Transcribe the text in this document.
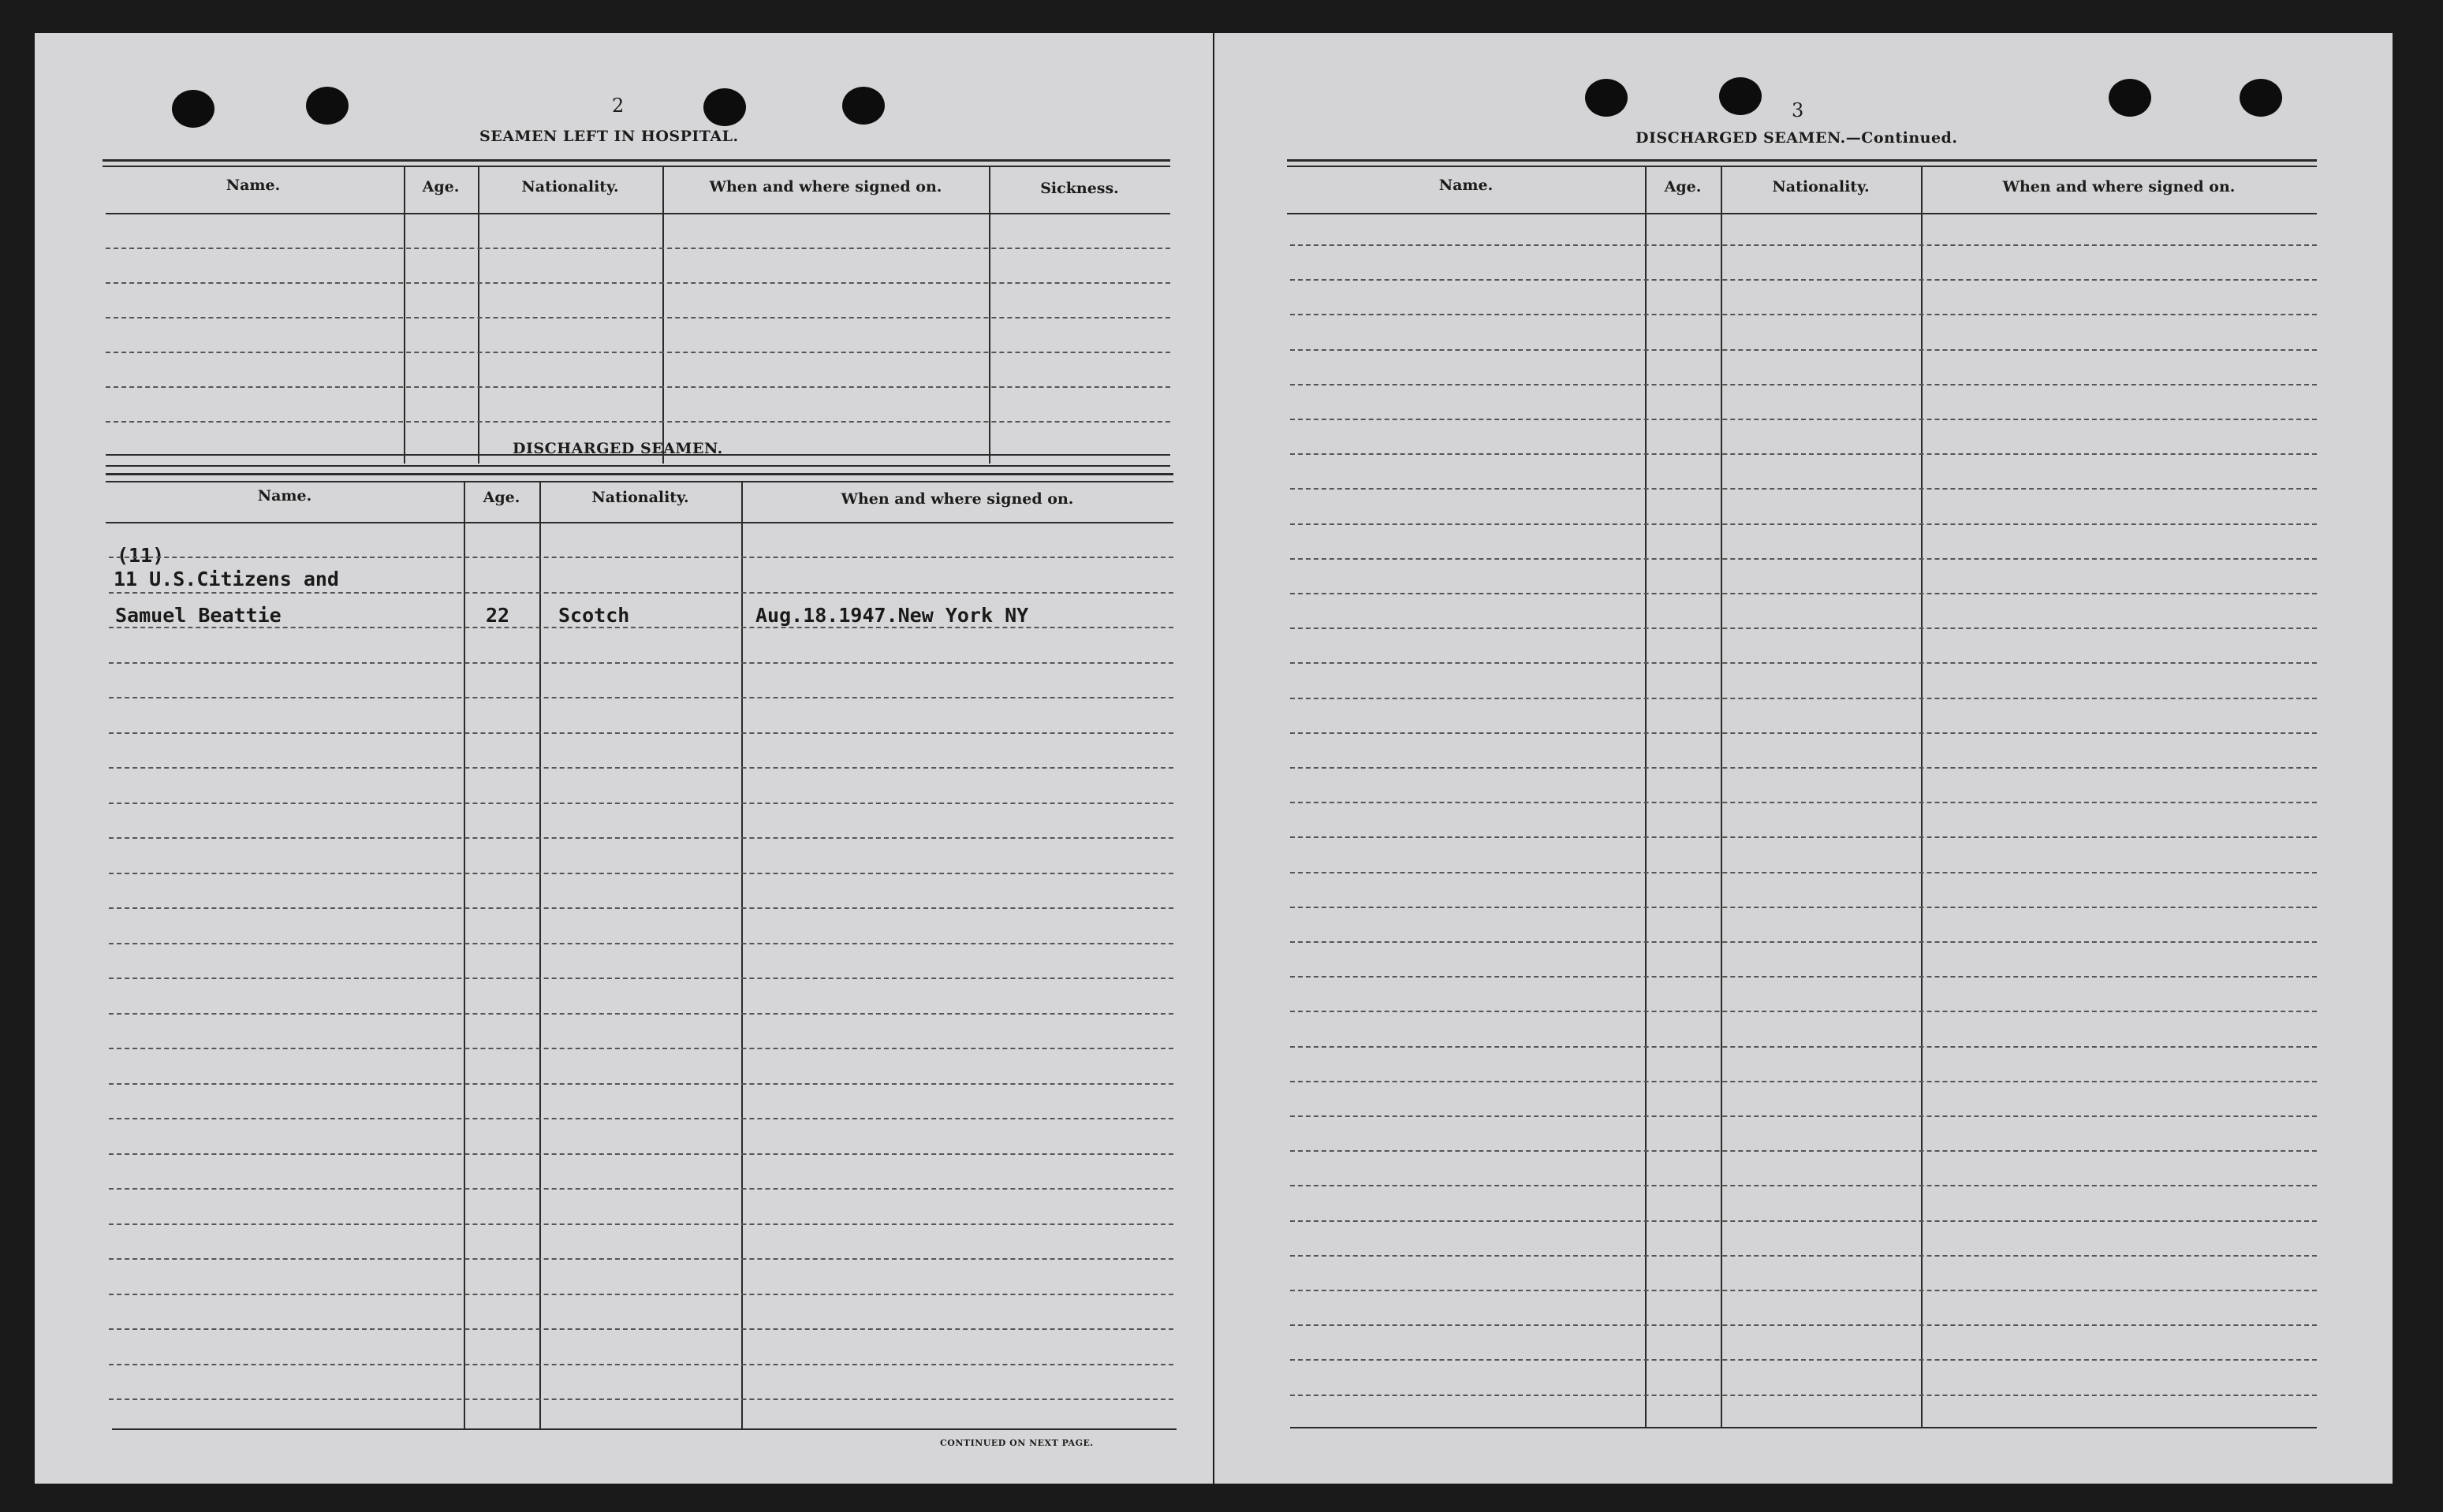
2
SEAMEN LEFT IN HOSPITAL.
Name.	Age.	Nationality.	When and where signed on.	Sickness.
DISCHARGED SEAMEN.
Name.	Age.	Nationality.	When and where signed on.
(11)
11 U.S.Citizens and
Samuel Beattie	22 Scotch	Aug.18.1947.New York NY
CONTINUED ON NEXT PAGE.
3
DISCHARGED SEAMEN.—Continued.
Name.	Age.	Nationality.	When and where signed on.
